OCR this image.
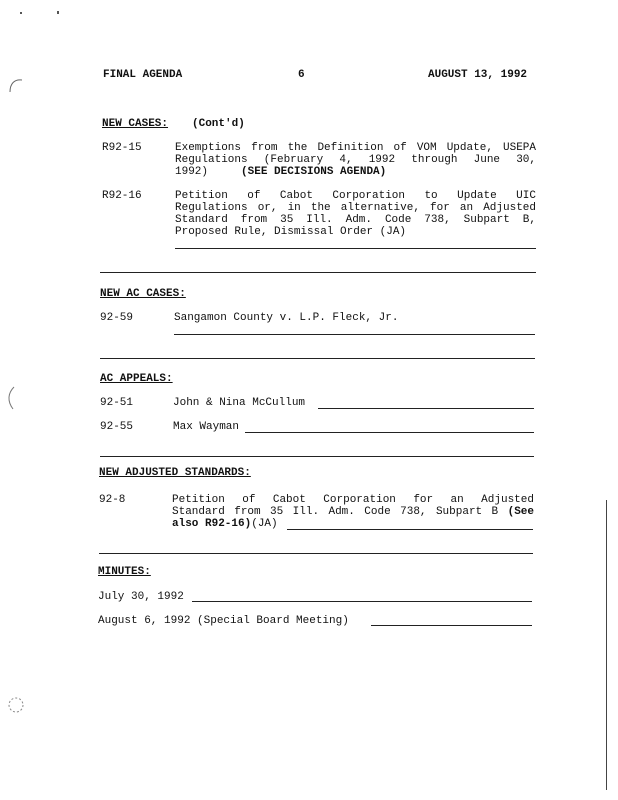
FINAL AGENDA	6	AUGUST 13, 1992
NEW CASES: (Cont'd)
R92-15	Exemptions from the Definition of VOM Update, USEPA
Regulations (February 4, 1992 through June 30,
1992)	(SEE DECISIONS AGENDA)
R92-16	Petition of Cabot Corporation to Update UIC
Regulations or, in the alternative, for an Adjusted
Standard from 35 Ill. Adm. Code 738, Subpart B,
Proposed Rule, Dismissal Order (JA)
NEW AC CASES:
92-59	Sangamon County v. L.P. Fleck, Jr.
AC APPEALS:
92-51	John & Nina McCullum
92-55	Max Wayman
NEW ADJUSTED STANDARDS:
92-8	Petition of Cabot Corporation for an Adjusted
Standard from 35 Ill. Adm. Code 738, Subpart B (See
also R92-16)(JA)
MINUTES:
July 30, 1992
August 6, 1992 (Special Board Meeting)
